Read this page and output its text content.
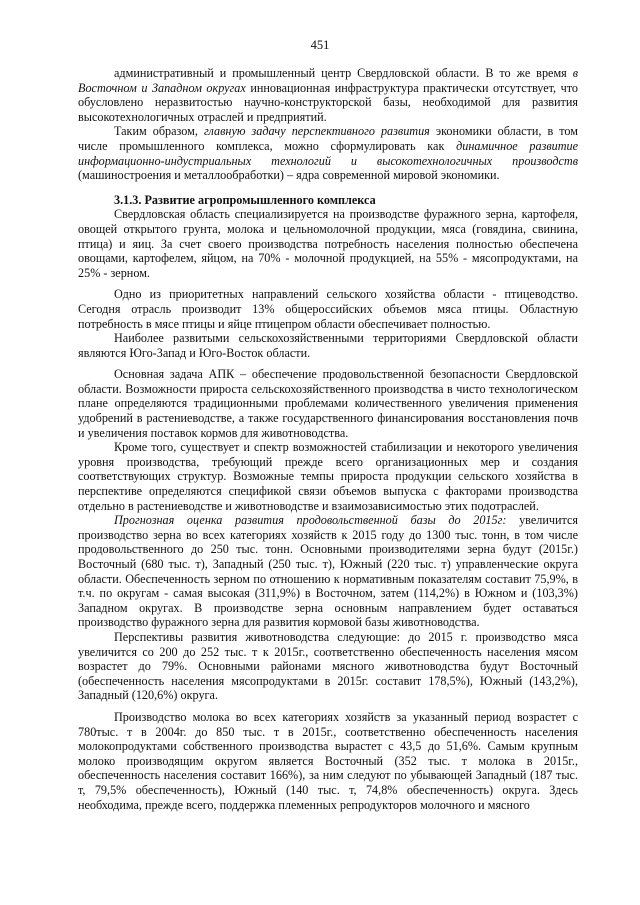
451

административный и промышленный центр Свердловской области. В то же время в Восточном и Западном округах инновационная инфраструктура практически отсутствует, что обусловлено неразвитостью научно-конструкторской базы, необходимой для развития высокотехнологичных отраслей и предприятий.

Таким образом, главную задачу перспективного развития экономики области, в том числе промышленного комплекса, можно сформулировать как динамичное развитие информационно-индустриальных технологий и высокотехнологичных производств (машиностроения и металлообработки) – ядра современной мировой экономики.

3.1.3. Развитие агропромышленного комплекса

Свердловская область специализируется на производстве фуражного зерна, картофеля, овощей открытого грунта, молока и цельномолочной продукции, мяса (говядина, свинина, птица) и яиц. За счет своего производства потребность населения полностью обеспечена овощами, картофелем, яйцом, на 70% - молочной продукцией, на 55% - мясопродуктами, на 25% - зерном.

Одно из приоритетных направлений сельского хозяйства области - птицеводство. Сегодня отрасль производит 13% общероссийских объемов мяса птицы. Областную потребность в мясе птицы и яйце птицепром области обеспечивает полностью.

Наиболее развитыми сельскохозяйственными территориями Свердловской области являются Юго-Запад и Юго-Восток области.

Основная задача АПК – обеспечение продовольственной безопасности Свердловской области. Возможности прироста сельскохозяйственного производства в чисто технологическом плане определяются традиционными проблемами количественного увеличения применения удобрений в растениеводстве, а также государственного финансирования восстановления почв и увеличения поставок кормов для животноводства.

Кроме того, существует и спектр возможностей стабилизации и некоторого увеличения уровня производства, требующий прежде всего организационных мер и создания соответствующих структур. Возможные темпы прироста продукции сельского хозяйства в перспективе определяются спецификой связи объемов выпуска с факторами производства отдельно в растениеводстве и животноводстве и взаимозависимостью этих подотраслей.

Прогнозная оценка развития продовольственной базы до 2015г: увеличится производство зерна во всех категориях хозяйств к 2015 году до 1300 тыс. тонн, в том числе продовольственного до 250 тыс. тонн. Основными производителями зерна будут (2015г.) Восточный (680 тыс. т), Западный (250 тыс. т), Южный (220 тыс. т) управленческие округа области. Обеспеченность зерном по отношению к нормативным показателям составит 75,9%, в т.ч. по округам - самая высокая (311,9%) в Восточном, затем (114,2%) в Южном и (103,3%) Западном округах. В производстве зерна основным направлением будет оставаться производство фуражного зерна для развития кормовой базы животноводства.

Перспективы развития животноводства следующие: до 2015 г. производство мяса увеличится со 200 до 252 тыс. т к 2015г., соответственно обеспеченность населения мясом возрастет до 79%. Основными районами мясного животноводства будут Восточный (обеспеченность населения мясопродуктами в 2015г. составит 178,5%), Южный (143,2%), Западный (120,6%) округа.

Производство молока во всех категориях хозяйств за указанный период возрастет с 780тыс. т в 2004г. до 850 тыс. т в 2015г., соответственно обеспеченность населения молокопродуктами собственного производства вырастет с 43,5 до 51,6%. Самым крупным молоко производящим округом является Восточный (352 тыс. т молока в 2015г., обеспеченность населения составит 166%), за ним следуют по убывающей Западный (187 тыс. т, 79,5% обеспеченность), Южный (140 тыс. т, 74,8% обеспеченность) округа. Здесь необходима, прежде всего, поддержка племенных репродукторов молочного и мясного
